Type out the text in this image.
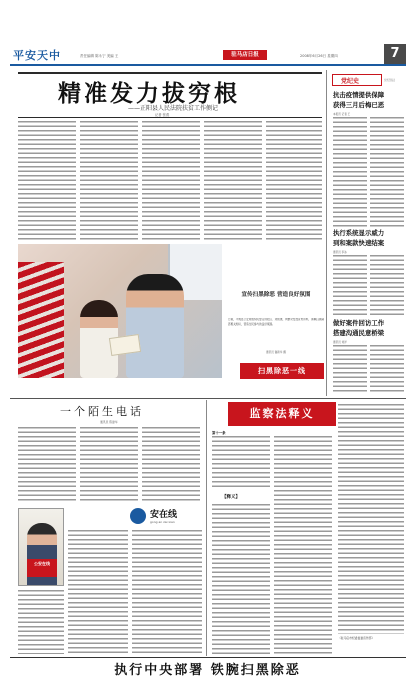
平安天中	责任编辑 陈永宁 美编 王	驻马店日报	2008年6月26日 星期四	7
精准发力拔穷根
——正阳县人民法院扶贫工作侧记
记者 张燕
宣传扫黑除恶 营造良好氛围
日前，平舆县公安局组织民警走进社区、进街道，向群众发放宣传资料，讲解扫黑除恶相关知识，营造全民参与的良好氛围。
通讯员 谢新华 摄
扫黑除恶一线
党纪史	党纪国法
抗击疫情提供保障
获得三月后梅已恶
本报讯 记者 王
执行系统显示威力
到和案款快速结案
通讯员 李冰
做好案件回访工作
搭建沟通民意桥梁
通讯员 刘洋
一个陌生电话
通讯员 陈建华
安在线
gong an zai xian
公安在线
监察法释义
第十一条
【释义】
（驻马店市纪委监委宣传部）
执行中央部署 铁腕扫黑除恶
